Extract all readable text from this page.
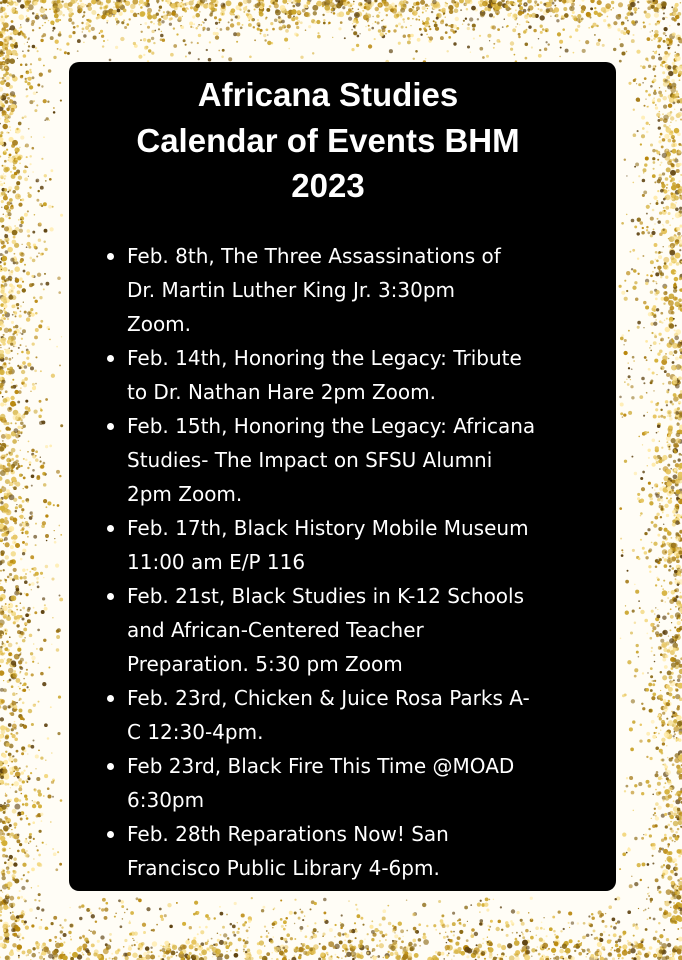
Africana Studies
Calendar of Events BHM
2023
Feb. 8th, The Three Assassinations of
Dr. Martin Luther King Jr. 3:30pm
Zoom.
Feb. 14th, Honoring the Legacy: Tribute
to Dr. Nathan Hare 2pm Zoom.
Feb. 15th, Honoring the Legacy: Africana
Studies- The Impact on SFSU Alumni
2pm Zoom.
Feb. 17th, Black History Mobile Museum
11:00 am E/P 116
Feb. 21st, Black Studies in K-12 Schools
and African-Centered Teacher
Preparation. 5:30 pm Zoom
Feb. 23rd, Chicken & Juice Rosa Parks A-
C 12:30-4pm.
Feb 23rd, Black Fire This Time @MOAD
6:30pm
Feb. 28th Reparations Now! San
Francisco Public Library 4-6pm.
